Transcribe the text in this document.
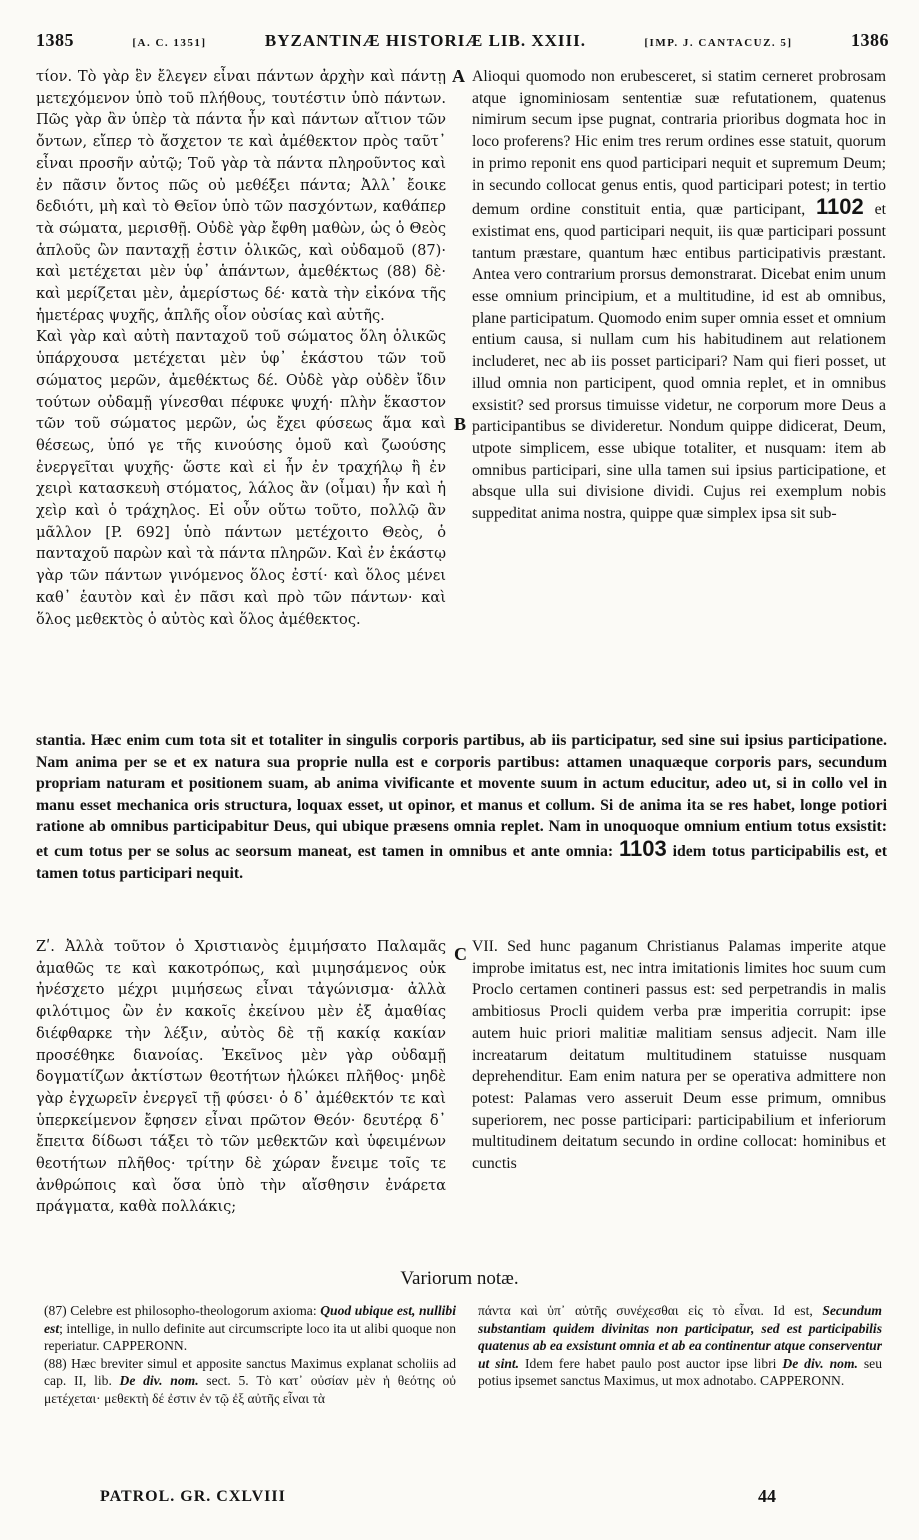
1385	[A. C. 1351]	BYZANTINÆ HISTORIÆ LIB. XXIII.	[IMP. J. CANTACUZ. 5]	1386

τίον. Τὸ γὰρ ἓν ἔλεγεν εἶναι πάντων ἀρχὴν καὶ πάντῃ μετεχόμενον ὑπὸ τοῦ πλήθους, τουτέστιν ὑπὸ πάντων. Πῶς γὰρ ἂν ὑπὲρ τὰ πάντα ἦν καὶ πάντων αἴτιον τῶν ὄντων, εἴπερ τὸ ἄσχετον τε καὶ ἀμέθεκτον πρὸς ταῦτ᾽ εἶναι προσῆν αὐτῷ; Τοῦ γὰρ τὰ πάντα πληροῦντος καὶ ἐν πᾶσιν ὄντος πῶς οὐ μεθέξει πάντα; Ἀλλ᾽ ἔοικε δεδιότι, μὴ καὶ τὸ Θεῖον ὑπὸ τῶν πασχόντων, καθάπερ τὰ σώματα, μερισθῇ. Οὐδὲ γὰρ ἔφθη μαθὼν, ὡς ὁ Θεὸς ἁπλοῦς ὢν πανταχῇ ἐστιν ὁλικῶς, καὶ οὐδαμοῦ (87)· καὶ μετέχεται μὲν ὑφ᾽ ἁπάντων, ἀμεθέκτως (88) δὲ· καὶ μερίζεται μὲν, ἀμερίστως δέ· κατὰ τὴν εἰκόνα τῆς ἡμετέρας ψυχῆς, ἁπλῆς οἷον οὐσίας καὶ αὐτῆς.

Καὶ γὰρ καὶ αὐτὴ πανταχοῦ τοῦ σώματος ὅλη ὁλικῶς ὑπάρχουσα μετέχεται μὲν ὑφ᾽ ἑκάστου τῶν τοῦ σώματος μερῶν, ἀμεθέκτως δέ. Οὐδὲ γὰρ οὐδὲν ἴδιν τούτων οὐδαμῇ γίνεσθαι πέφυκε ψυχή· πλὴν ἕκαστον τῶν τοῦ σώματος μερῶν, ὡς ἔχει φύσεως ἅμα καὶ θέσεως, ὑπό γε τῆς κινούσης ὁμοῦ καὶ ζωούσης ἐνεργεῖται ψυχῆς· ὥστε καὶ εἰ ἦν ἐν τραχήλῳ ἢ ἐν χειρὶ κατασκευὴ στόματος, λάλος ἂν (οἶμαι) ἦν καὶ ἡ χεὶρ καὶ ὁ τράχηλος. Εἰ οὖν οὕτω τοῦτο, πολλῷ ἂν μᾶλλον [P. 692] ὑπὸ πάντων μετέχοιτο Θεὸς, ὁ πανταχοῦ παρὼν καὶ τὰ πάντα πληρῶν. Καὶ ἐν ἑκάστῳ γὰρ τῶν πάντων γινόμενος ὅλος ἐστί· καὶ ὅλος μένει καθ᾽ ἑαυτὸν καὶ ἐν πᾶσι καὶ πρὸ τῶν πάντων· καὶ ὅλος μεθεκτὸς ὁ αὐτὸς καὶ ὅλος ἀμέθεκτος.

A
B

Alioqui quomodo non erubesceret, si statim cerneret probrosam atque ignominiosam sententiæ suæ refutationem, quatenus nimirum secum ipse pugnat, contraria prioribus dogmata hoc in loco proferens? Hic enim tres rerum ordines esse statuit, quorum in primo reponit ens quod participari nequit et supremum Deum; in secundo collocat genus entis, quod participari potest; in tertio demum ordine constituit entia, quæ participant, 1102 et existimat ens, quod participari nequit, iis quæ participari possunt tantum præstare, quantum hæc entibus participativis præstant. Antea vero contrarium prorsus demonstrarat. Dicebat enim unum esse omnium principium, et a multitudine, id est ab omnibus, plane participatum. Quomodo enim super omnia esset et omnium entium causa, si nullam cum his habitudinem aut relationem includeret, nec ab iis posset participari? Nam qui fieri posset, ut illud omnia non participent, quod omnia replet, et in omnibus exsistit? sed prorsus timuisse videtur, ne corporum more Deus a participantibus se divideretur. Nondum quippe didicerat, Deum, utpote simplicem, esse ubique totaliter, et nusquam: item ab omnibus participari, sine ulla tamen sui ipsius participatione, et absque ulla sui divisione dividi. Cujus rei exemplum nobis suppeditat anima nostra, quippe quæ simplex ipsa sit sub-

stantia. Hæc enim cum tota sit et totaliter in singulis corporis partibus, ab iis participatur, sed sine sui ipsius participatione. Nam anima per se et ex natura sua proprie nulla est e corporis partibus: attamen unaquæque corporis pars, secundum propriam naturam et positionem suam, ab anima vivificante et movente suum in actum educitur, adeo ut, si in collo vel in manu esset mechanica oris structura, loquax esset, ut opinor, et manus et collum. Si de anima ita se res habet, longe potiori ratione ab omnibus participabitur Deus, qui ubique præsens omnia replet. Nam in unoquoque omnium entium totus exsistit: et cum totus per se solus ac seorsum maneat, est tamen in omnibus et ante omnia: 1103 idem totus participabilis est, et tamen totus participari nequit.
C

Ζʹ. Ἀλλὰ τοῦτον ὁ Χριστιανὸς ἐμιμήσατο Παλαμᾶς ἀμαθῶς τε καὶ κακοτρόπως, καὶ μιμησάμενος οὐκ ἠνέσχετο μέχρι μιμήσεως εἶναι τἀγώνισμα· ἀλλὰ φιλότιμος ὢν ἐν κακοῖς ἐκείνου μὲν ἐξ ἀμαθίας διέφθαρκε τὴν λέξιν, αὐτὸς δὲ τῇ κακίᾳ κακίαν προσέθηκε διανοίας. Ἐκεῖνος μὲν γὰρ οὐδαμῇ δογματίζων ἀκτίστων θεοτήτων ἡλώκει πλῆθος· μηδὲ γὰρ ἐγχωρεῖν ἐνεργεῖ τῇ φύσει· ὁ δ᾽ ἀμέθεκτόν τε καὶ ὑπερκείμενον ἔφησεν εἶναι πρῶτον Θεόν· δευτέρᾳ δ᾽ ἔπειτα δίδωσι τάξει τὸ τῶν μεθεκτῶν καὶ ὑφειμένων θεοτήτων πλῆθος· τρίτην δὲ χώραν ἔνειμε τοῖς τε ἀνθρώποις καὶ ὅσα ὑπὸ τὴν αἴσθησιν ἐνάρετα πράγματα, καθὰ πολλάκις;

VII. Sed hunc paganum Christianus Palamas imperite atque improbe imitatus est, nec intra imitationis limites hoc suum cum Proclo certamen contineri passus est: sed perpetrandis in malis ambitiosus Procli quidem verba præ imperitia corrupit: ipse autem huic priori malitiæ malitiam sensus adjecit. Nam ille increatarum deitatum multitudinem statuisse nusquam deprehenditur. Eam enim natura per se operativa admittere non potest: Palamas vero asseruit Deum esse primum, omnibus superiorem, nec posse participari: participabilium et inferiorum multitudinem deitatum secundo in ordine collocat: hominibus et cunctis

Variorum notæ.

(87) Celebre est philosopho-theologorum axioma: Quod ubique est, nullibi est; intellige, in nullo definite aut circumscripte loco ita ut alibi quoque non reperiatur. CAPPERONN.

(88) Hæc breviter simul et apposite sanctus Maximus explanat scholiis ad cap. II, lib. De div. nom. sect. 5. Τὸ κατ᾽ οὐσίαν μὲν ἡ θεότης οὐ μετέχεται· μεθεκτὴ δέ ἐστιν ἐν τῷ ἐξ αὐτῆς εἶναι τὰ

πάντα καὶ ὑπ᾽ αὐτῆς συνέχεσθαι εἰς τὸ εἶναι. Id est, Secundum substantiam quidem divinitas non participatur, sed est participabilis quatenus ab ea exsistunt omnia et ab ea continentur atque conserventur ut sint. Idem fere habet paulo post auctor ipse libri De div. nom. seu potius ipsemet sanctus Maximus, ut mox adnotabo. CAPPERONN.

PATROL. GR. CXLVIII	44
